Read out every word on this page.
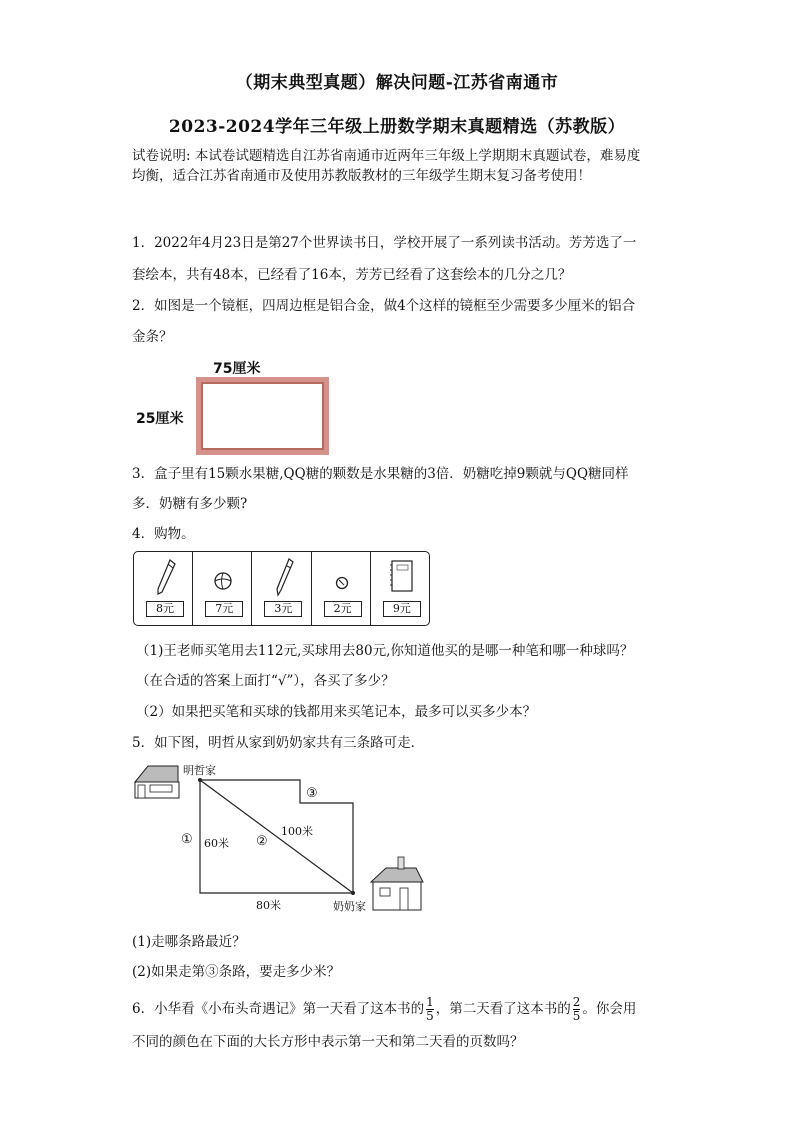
（期末典型真题）解决问题-江苏省南通市
2023-2024学年三年级上册数学期末真题精选（苏教版）
试卷说明: 本试卷试题精选自江苏省南通市近两年三年级上学期期末真题试卷，难易度
均衡，适合江苏省南通市及使用苏教版教材的三年级学生期末复习备考使用！
1．2022年4月23日是第27个世界读书日，学校开展了一系列读书活动。芳芳选了一
套绘本，共有48本，已经看了16本，芳芳已经看了这套绘本的几分之几？
2．如图是一个镜框，四周边框是铝合金，做4个这样的镜框至少需要多少厘米的铝合
金条？
75厘米
25厘米
3．盒子里有15颗水果糖,QQ糖的颗数是水果糖的3倍．奶糖吃掉9颗就与QQ糖同样
多．奶糖有多少颗?
4．购物。
8元	7元	3元	2元	9元
（1)王老师买笔用去112元,买球用去80元,你知道他买的是哪一种笔和哪一种球吗？
（在合适的答案上面打“√”），各买了多少？
（2）如果把买笔和买球的钱都用来买笔记本，最多可以买多少本？
5．如下图，明哲从家到奶奶家共有三条路可走．
明哲家
奶奶家
①	②
③
60米
100米
80米
(1)走哪条路最近？
(2)如果走第③条路，要走多少米？
6．小华看《小布头奇遇记》第一天看了这本书的 $\frac{1}{5}$ ，第二天看了这本书的 $\frac{2}{5}$ 。你会用
不同的颜色在下面的大长方形中表示第一天和第二天看的页数吗？
